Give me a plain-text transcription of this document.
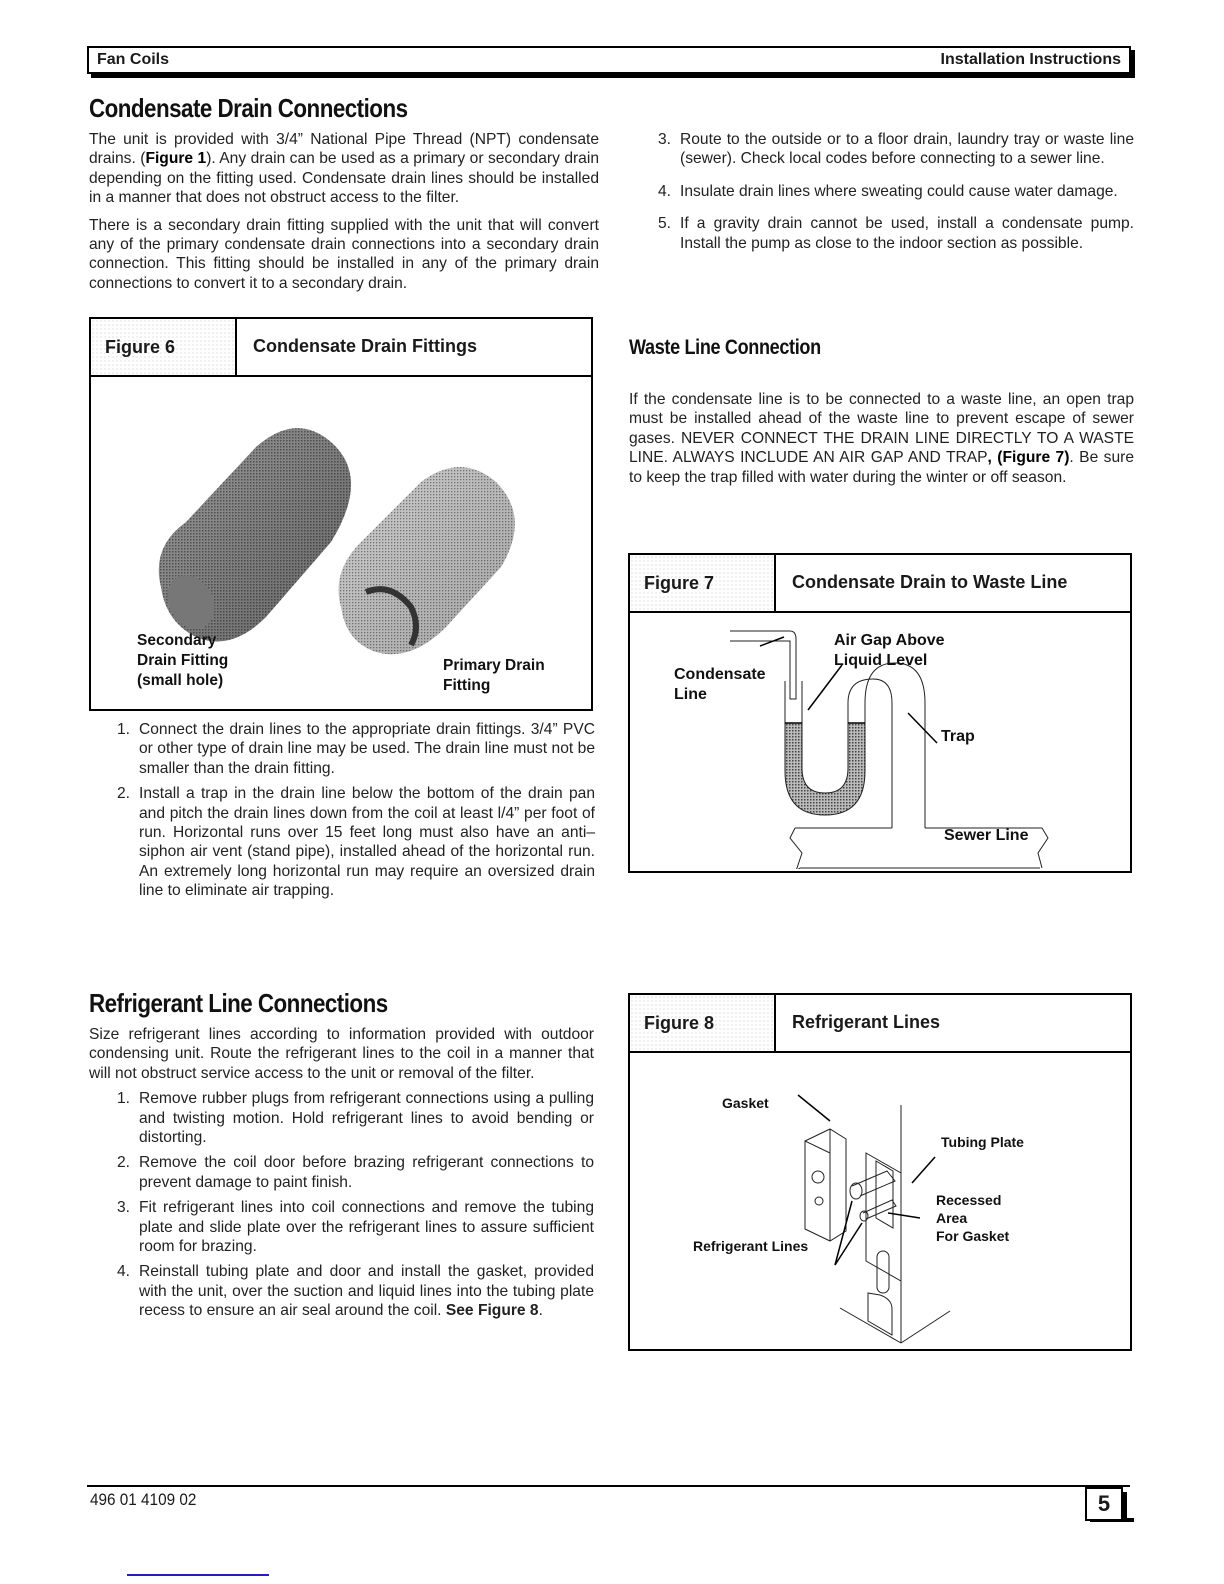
Fan Coils	Installation Instructions
Condensate Drain Connections
The unit is provided with 3/4” National Pipe Thread (NPT) condensate drains. (Figure 1). Any drain can be used as a primary or secondary drain depending on the fitting used. Condensate drain lines should be installed in a manner that does not obstruct access to the filter.
There is a secondary drain fitting supplied with the unit that will convert any of the primary condensate drain connections into a secondary drain connection. This fitting should be installed in any of the primary drain connections to convert it to a secondary drain.
Figure 6	Condensate Drain Fittings
Secondary
Drain Fitting
(small hole)
Primary Drain
Fitting
1. Connect the drain lines to the appropriate drain fittings. 3/4” PVC or other type of drain line may be used. The drain line must not be smaller than the drain fitting.
2. Install a trap in the drain line below the bottom of the drain pan and pitch the drain lines down from the coil at least l/4” per foot of run. Horizontal runs over 15 feet long must also have an anti–siphon air vent (stand pipe), installed ahead of the horizontal run. An extremely long horizontal run may require an oversized drain line to eliminate air trapping.
3. Route to the outside or to a floor drain, laundry tray or waste line (sewer). Check local codes before connecting to a sewer line.
4. Insulate drain lines where sweating could cause water damage.
5. If a gravity drain cannot be used, install a condensate pump. Install the pump as close to the indoor section as possible.
Waste Line Connection
If the condensate line is to be connected to a waste line, an open trap must be installed ahead of the waste line to prevent escape of sewer gases. NEVER CONNECT THE DRAIN LINE DIRECTLY TO A WASTE LINE. ALWAYS INCLUDE AN AIR GAP AND TRAP, (Figure 7). Be sure to keep the trap filled with water during the winter or off season.
Figure 7	Condensate Drain to Waste Line
Air Gap Above
Liquid Level
Condensate
Line
Trap
Sewer Line
Refrigerant Line Connections
Size refrigerant lines according to information provided with outdoor condensing unit. Route the refrigerant lines to the coil in a manner that will not obstruct service access to the unit or removal of the filter.
1. Remove rubber plugs from refrigerant connections using a pulling and twisting motion. Hold refrigerant lines to avoid bending or distorting.
2. Remove the coil door before brazing refrigerant connections to prevent damage to paint finish.
3. Fit refrigerant lines into coil connections and remove the tubing plate and slide plate over the refrigerant lines to assure sufficient room for brazing.
4. Reinstall tubing plate and door and install the gasket, provided with the unit, over the suction and liquid lines into the tubing plate recess to ensure an air seal around the coil. See Figure 8.
Figure 8	Refrigerant Lines
Gasket
Tubing Plate
Recessed
Area
For Gasket
Refrigerant Lines
496 01 4109 02	5
